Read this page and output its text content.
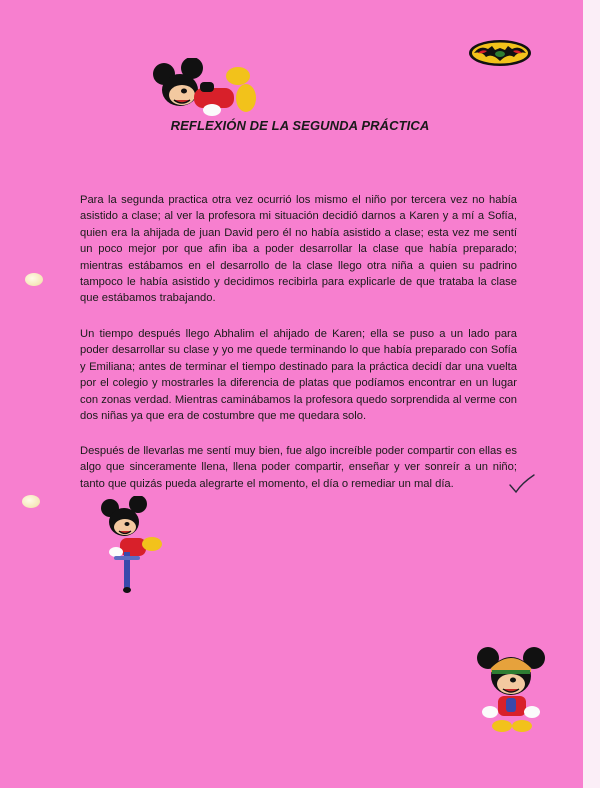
REFLEXIÓN DE LA SEGUNDA PRÁCTICA

Para la segunda practica otra vez ocurrió los mismo el niño por tercera vez no había asistido a clase; al ver la profesora mi situación decidió darnos a Karen y a mí a Sofía, quien era la ahijada de juan David pero él no había asistido a clase; esta vez me sentí un poco mejor por que afin iba a poder desarrollar la clase que había preparado; mientras estábamos en el desarrollo de la clase llego otra niña a quien su padrino tampoco le había asistido y decidimos recibirla para explicarle de que trataba la clase que estábamos trabajando.

Un tiempo después llego Abhalim el ahijado de Karen; ella se puso a un lado para poder desarrollar su clase y yo me quede terminando lo que había preparado con Sofía y Emiliana; antes de terminar el tiempo destinado para la práctica decidí dar una vuelta por el colegio y mostrarles la diferencia de platas que podíamos encontrar en un lugar con zonas verdad. Mientras caminábamos la profesora quedo sorprendida al verme con dos niñas ya que era de costumbre que me quedara solo.

Después de llevarlas me sentí muy bien, fue algo increíble poder compartir con ellas es algo que sinceramente llena, llena poder compartir, enseñar y ver sonreír a un niño; tanto que quizás pueda alegrarte el momento, el día o remediar un mal día.
